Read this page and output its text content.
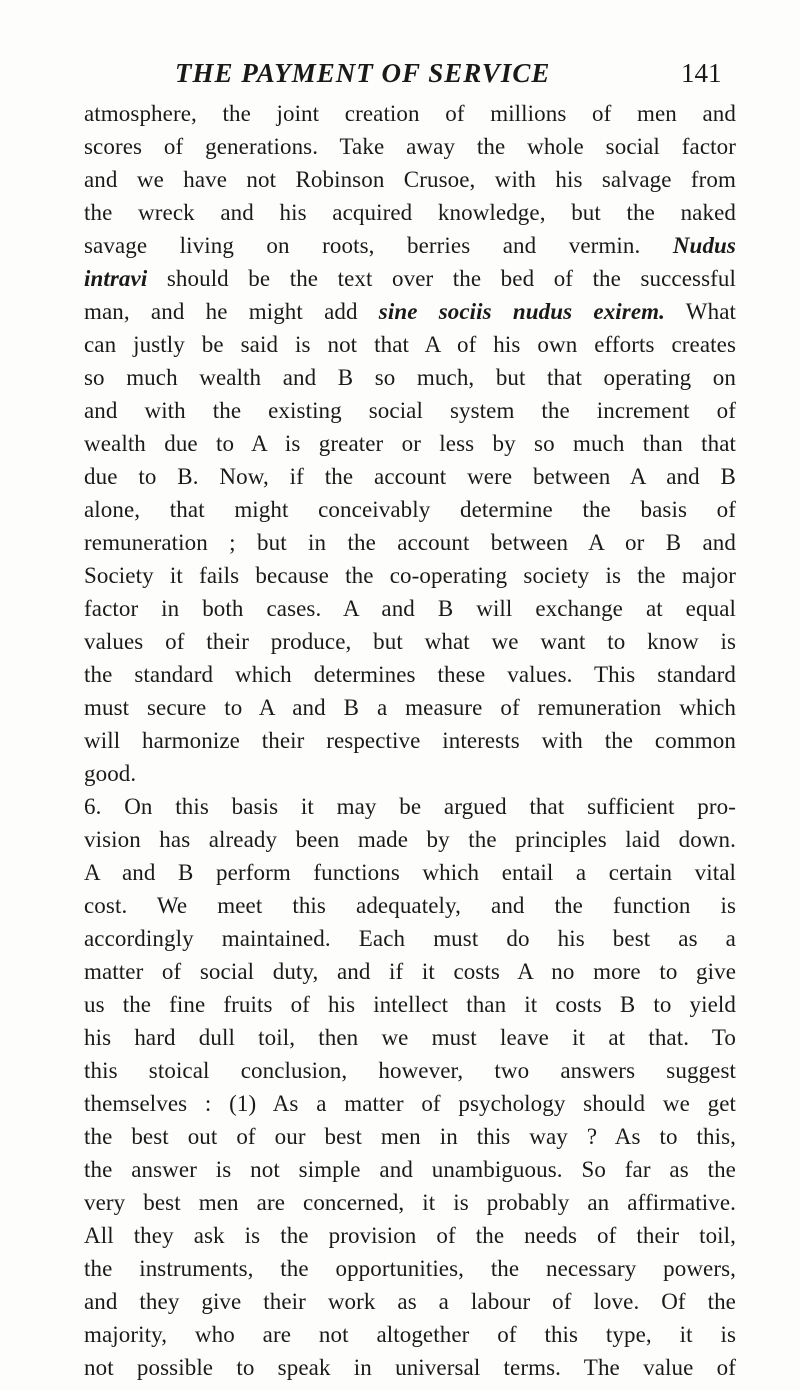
THE PAYMENT OF SERVICE	141
atmosphere, the joint creation of millions of men and
scores of generations. Take away the whole social factor
and we have not Robinson Crusoe, with his salvage from
the wreck and his acquired knowledge, but the naked
savage living on roots, berries and vermin. Nudus
intravi should be the text over the bed of the successful
man, and he might add sine sociis nudus exirem. What
can justly be said is not that A of his own efforts creates
so much wealth and B so much, but that operating on
and with the existing social system the increment of
wealth due to A is greater or less by so much than that
due to B. Now, if the account were between A and B
alone, that might conceivably determine the basis of
remuneration ; but in the account between A or B and
Society it fails because the co-operating society is the major
factor in both cases. A and B will exchange at equal
values of their produce, but what we want to know is
the standard which determines these values. This standard
must secure to A and B a measure of remuneration which
will harmonize their respective interests with the common
good.
6. On this basis it may be argued that sufficient pro-
vision has already been made by the principles laid down.
A and B perform functions which entail a certain vital
cost. We meet this adequately, and the function is
accordingly maintained. Each must do his best as a
matter of social duty, and if it costs A no more to give
us the fine fruits of his intellect than it costs B to yield
his hard dull toil, then we must leave it at that. To
this stoical conclusion, however, two answers suggest
themselves : (1) As a matter of psychology should we get
the best out of our best men in this way ? As to this,
the answer is not simple and unambiguous. So far as the
very best men are concerned, it is probably an affirmative.
All they ask is the provision of the needs of their toil,
the instruments, the opportunities, the necessary powers,
and they give their work as a labour of love. Of the
majority, who are not altogether of this type, it is
not possible to speak in universal terms. The value of
